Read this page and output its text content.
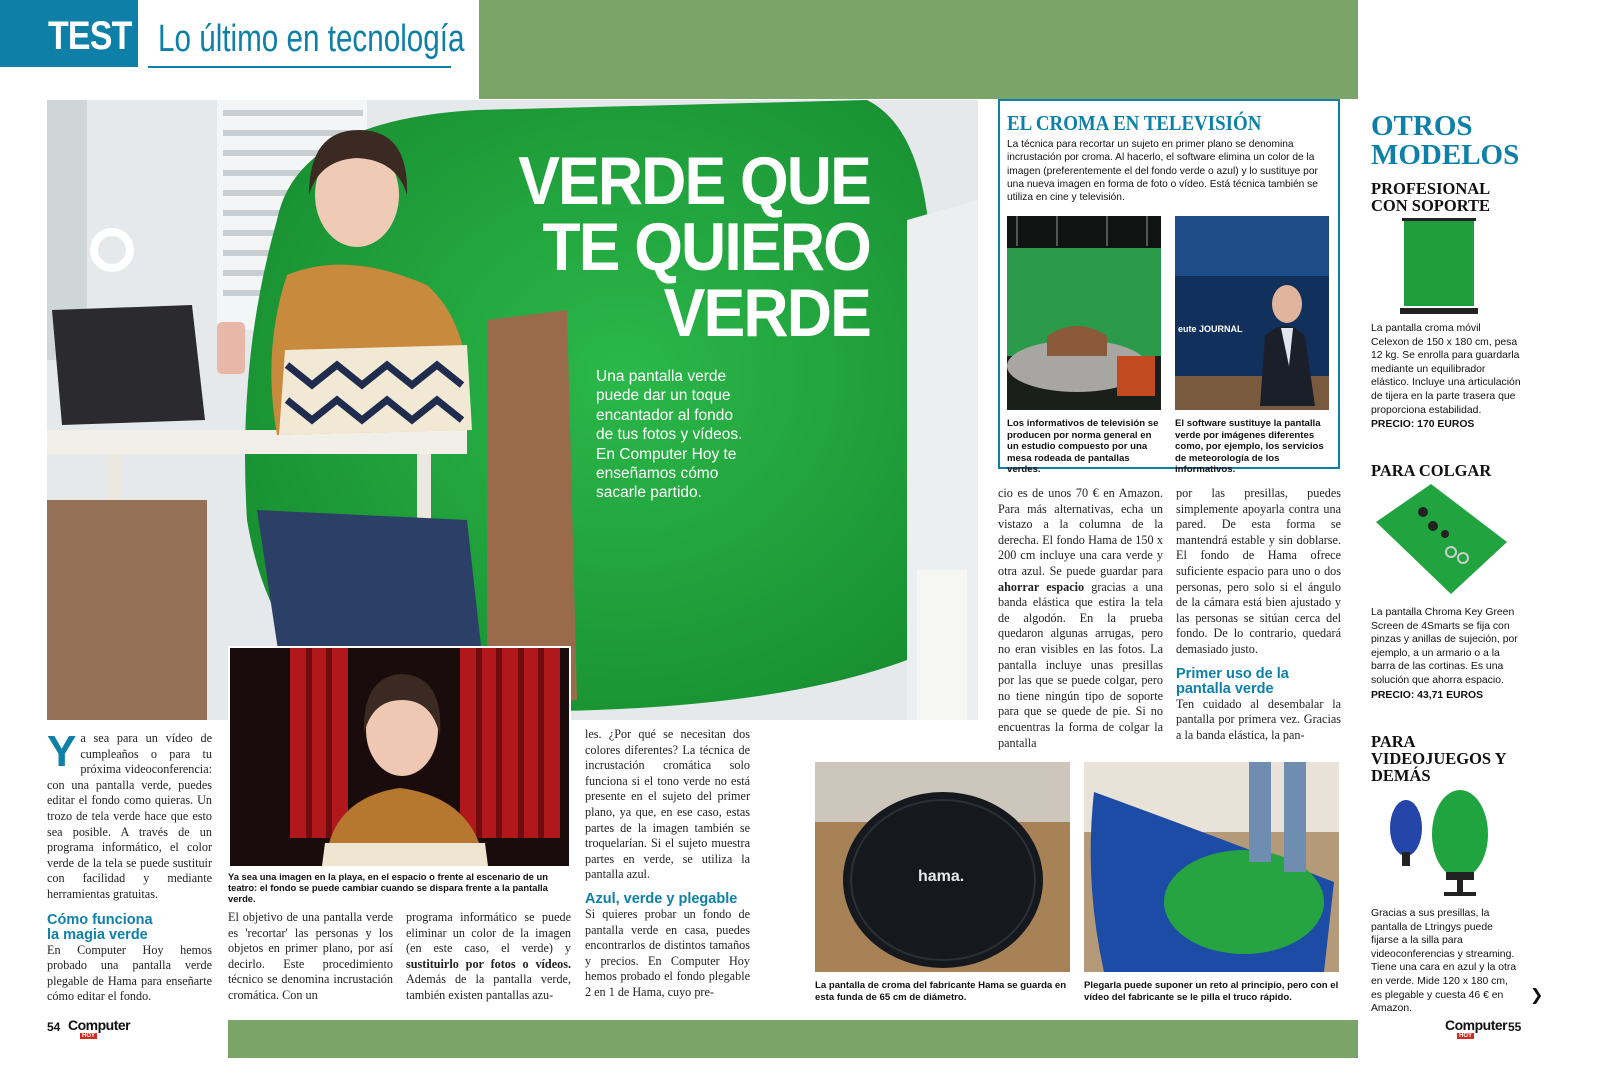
TEST Lo último en tecnología
VERDE QUE
TE QUIERO
VERDE
Una pantalla verde puede dar un toque encantador al fondo de tus fotos y vídeos. En Computer Hoy te enseñamos cómo sacarle partido.
Ya sea una imagen en la playa, en el espacio o frente al escenario de un teatro: el fondo se puede cambiar cuando se dispara frente a la pantalla verde.
Y a sea para un vídeo de cumpleaños o para tu próxima videoconferencia: con una pantalla verde, puedes editar el fondo como quieras. Un trozo de tela verde hace que esto sea posible. A través de un programa informático, el color verde de la tela se puede sustituir con facilidad y mediante herramientas gratuitas.
Cómo funciona la magia verde
En Computer Hoy hemos probado una pantalla verde plegable de Hama para enseñarte cómo editar el fondo.
El objetivo de una pantalla verde es 'recortar' las personas y los objetos en primer plano, por así decirlo. Este procedimiento técnico se denomina incrustación cromática. Con un
programa informático se puede eliminar un color de la imagen (en este caso, el verde) y sustituirlo por fotos o vídeos. Además de la pantalla verde, también existen pantallas azu-
les. ¿Por qué se necesitan dos colores diferentes? La técnica de incrustación cromática solo funciona si el tono verde no está presente en el sujeto del primer plano, ya que, en ese caso, estas partes de la imagen también se troquelarían. Si el sujeto muestra partes en verde, se utiliza la pantalla azul.
Azul, verde y plegable
Si quieres probar un fondo de pantalla verde en casa, puedes encontrarlos de distintos tamaños y precios. En Computer Hoy hemos probado el fondo plegable 2 en 1 de Hama, cuyo pre-
EL CROMA EN TELEVISIÓN
La técnica para recortar un sujeto en primer plano se denomina incrustación por croma. Al hacerlo, el software elimina un color de la imagen (preferentemente el del fondo verde o azul) y lo sustituye por una nueva imagen en forma de foto o vídeo. Está técnica también se utiliza en cine y televisión.
eute JOURNAL
Los informativos de televisión se producen por norma general en un estudio compuesto por una mesa rodeada de pantallas verdes.
El software sustituye la pantalla verde por imágenes diferentes como, por ejemplo, los servicios de meteorología de los informativos.
cio es de unos 70 € en Amazon. Para más alternativas, echa un vistazo a la columna de la derecha. El fondo Hama de 150 x 200 cm incluye una cara verde y otra azul. Se puede guardar para ahorrar espacio gracias a una banda elástica que estira la tela de algodón. En la prueba quedaron algunas arrugas, pero no eran visibles en las fotos. La pantalla incluye unas presillas por las que se puede colgar, pero no tiene ningún tipo de soporte para que se quede de pie. Si no encuentras la forma de colgar la pantalla
por las presillas, puedes simplemente apoyarla contra una pared. De esta forma se mantendrá estable y sin doblarse. El fondo de Hama ofrece suficiente espacio para uno o dos personas, pero solo si el ángulo de la cámara está bien ajustado y las personas se sitúan cerca del fondo. De lo contrario, quedará demasiado justo.
Primer uso de la pantalla verde
Ten cuidado al desembalar la pantalla por primera vez. Gracias a la banda elástica, la pan-
hama.
La pantalla de croma del fabricante Hama se guarda en esta funda de 65 cm de diámetro.
Plegarla puede suponer un reto al principio, pero con el vídeo del fabricante se le pilla el truco rápido.
OTROS
MODELOS
PROFESIONAL CON SOPORTE
La pantalla croma móvil Celexon de 150 x 180 cm, pesa 12 kg. Se enrolla para guardarla mediante un equilibrador elástico. Incluye una articulación de tijera en la parte trasera que proporciona estabilidad.
PRECIO: 170 EUROS
PARA COLGAR
La pantalla Chroma Key Green Screen de 4Smarts se fija con pinzas y anillas de sujeción, por ejemplo, a un armario o a la barra de las cortinas. Es una solución que ahorra espacio.
PRECIO: 43,71 EUROS
PARA VIDEOJUEGOS Y DEMÁS
Gracias a sus presillas, la pantalla de Ltringys puede fijarse a la silla para videoconferencias y streaming. Tiene una cara en azul y la otra en verde. Mide 120 x 180 cm, es plegable y cuesta 46 € en Amazon.
❯
54 Computer
HOY
Computer
HOY
55
